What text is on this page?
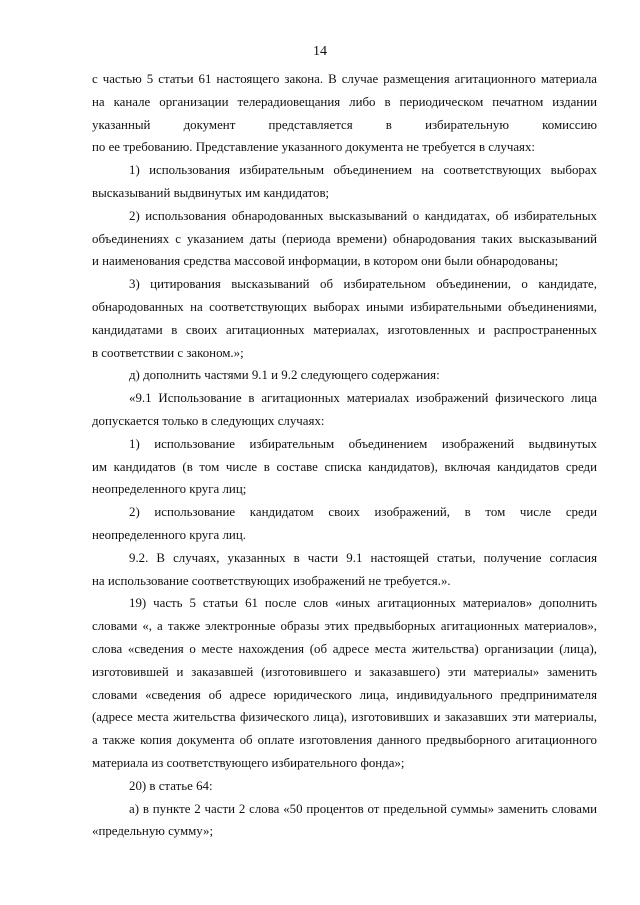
14
с частью 5 статьи 61 настоящего закона. В случае размещения агитационного материала
на канале организации телерадиовещания либо в периодическом печатном издании
указанный документ представляется в избирательную комиссию
по ее требованию. Представление указанного документа не требуется в случаях:
1) использования избирательным объединением на соответствующих выборах
высказываний выдвинутых им кандидатов;
2) использования обнародованных высказываний о кандидатах, об избирательных
объединениях с указанием даты (периода времени) обнародования таких высказываний
и наименования средства массовой информации, в котором они были обнародованы;
3) цитирования высказываний об избирательном объединении, о кандидате,
обнародованных на соответствующих выборах иными избирательными объединениями,
кандидатами в своих агитационных материалах, изготовленных и распространенных
в соответствии с законом.»;
д) дополнить частями 9.1 и 9.2 следующего содержания:
«9.1 Использование в агитационных материалах изображений физического лица
допускается только в следующих случаях:
1) использование избирательным объединением изображений выдвинутых
им кандидатов (в том числе в составе списка кандидатов), включая кандидатов среди
неопределенного круга лиц;
2) использование кандидатом своих изображений, в том числе среди
неопределенного круга лиц.
9.2. В случаях, указанных в части 9.1 настоящей статьи, получение согласия
на использование соответствующих изображений не требуется.».
19) часть 5 статьи 61 после слов «иных агитационных материалов» дополнить
словами «, а также электронные образы этих предвыборных агитационных материалов»,
слова «сведения о месте нахождения (об адресе места жительства) организации (лица),
изготовившей и заказавшей (изготовившего и заказавшего) эти материалы» заменить
словами «сведения об адресе юридического лица, индивидуального предпринимателя
(адресе места жительства физического лица), изготовивших и заказавших эти материалы,
а также копия документа об оплате изготовления данного предвыборного агитационного
материала из соответствующего избирательного фонда»;
20) в статье 64:
а) в пункте 2 части 2 слова «50 процентов от предельной суммы» заменить словами
«предельную сумму»;
